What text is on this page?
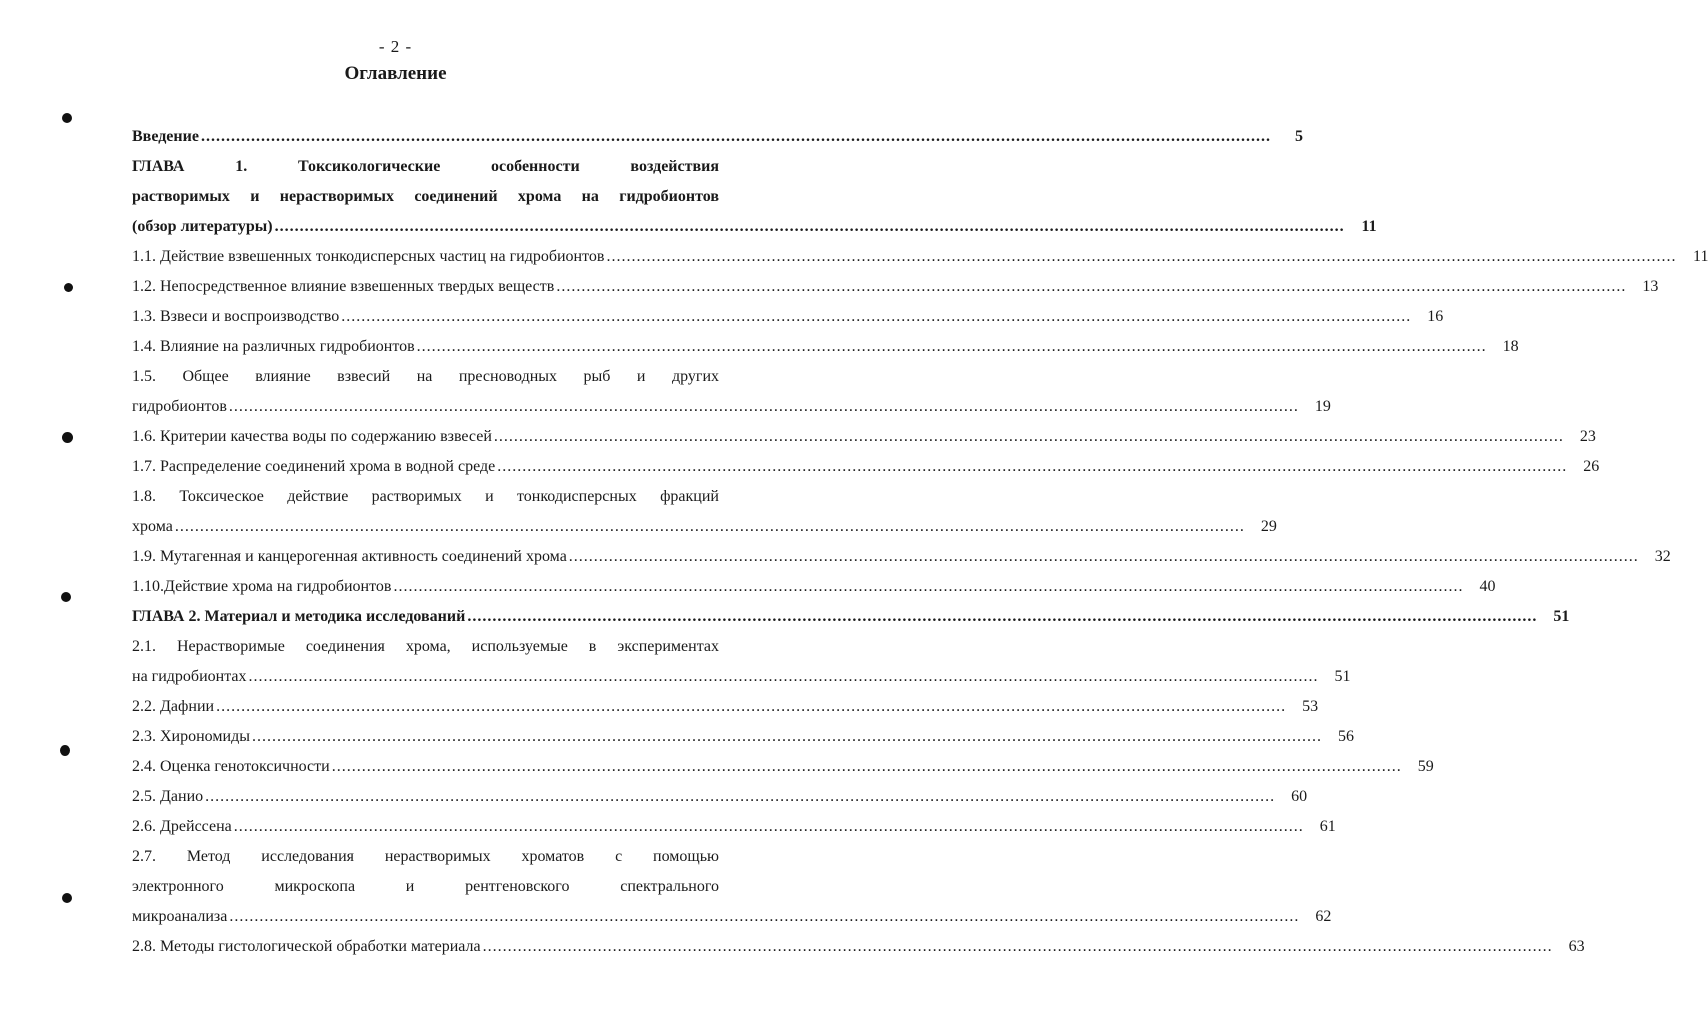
- 2 -
Оглавление
Введение .....	5
ГЛАВА 1. Токсикологические особенности воздействия
растворимых и нерастворимых соединений хрома на гидробионтов
(обзор литературы) .....	11
1.1. Действие взвешенных тонкодисперсных частиц на гидробионтов .....	11
1.2. Непосредственное влияние взвешенных твердых веществ .....	13
1.3. Взвеси и воспроизводство .....	16
1.4. Влияние на различных гидробионтов .....	18
1.5. Общее влияние взвесий на пресноводных рыб и других
гидробионтов .....	19
1.6. Критерии качества воды по содержанию взвесей .....	23
1.7. Распределение соединений хрома в водной среде .....	26
1.8. Токсическое действие растворимых и тонкодисперсных фракций
хрома .....	29
1.9. Мутагенная и канцерогенная активность соединений хрома .....	32
1.10.Действие хрома на гидробионтов .....	40
ГЛАВА 2. Материал и методика исследований .....	51
2.1. Нерастворимые соединения хрома, используемые в экспериментах
на гидробионтах .....	51
2.2. Дафнии .....	53
2.3. Хирономиды .....	56
2.4. Оценка генотоксичности .....	59
2.5. Данио .....	60
2.6. Дрейссена .....	61
2.7. Метод исследования нерастворимых хроматов с помощью
электронного микроскопа и рентгеновского спектрального
микроанализа .....	62
2.8. Методы гистологической обработки материала .....	63
